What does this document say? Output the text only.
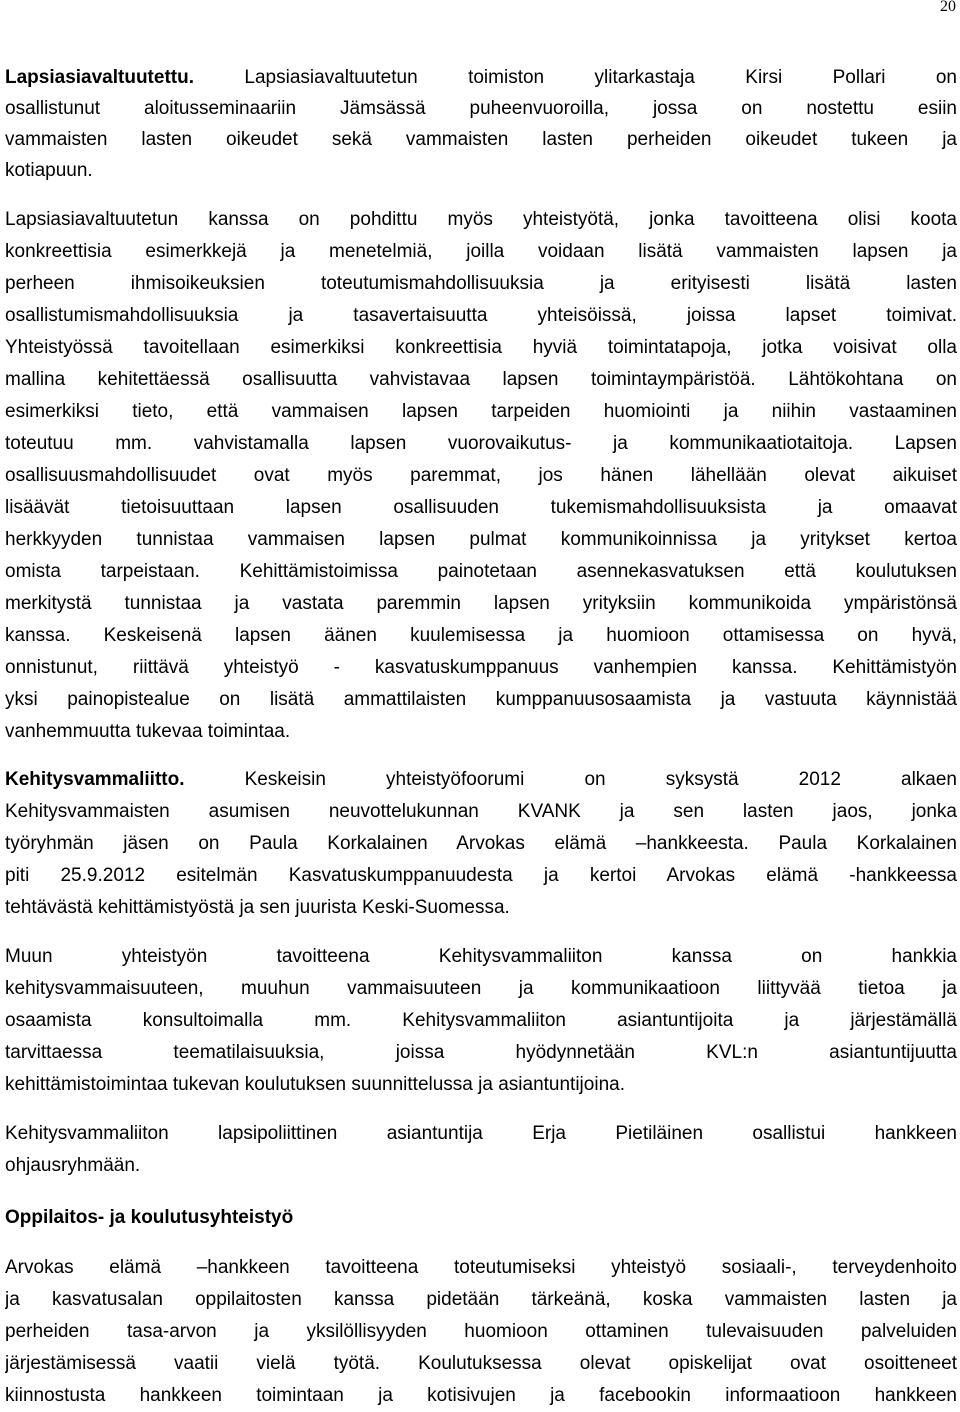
20
Lapsiasiavaltuutettu. Lapsiasiavaltuutetun toimiston ylitarkastaja Kirsi Pollari on
osallistunut aloitusseminaariin Jämsässä puheenvuoroilla, jossa on nostettu esiin
vammaisten lasten oikeudet sekä vammaisten lasten perheiden oikeudet tukeen ja
kotiapuun.
Lapsiasiavaltuutetun kanssa on pohdittu myös yhteistyötä, jonka tavoitteena olisi koota
konkreettisia esimerkkejä ja menetelmiä, joilla voidaan lisätä vammaisten lapsen ja
perheen ihmisoikeuksien toteutumismahdollisuuksia ja erityisesti lisätä lasten
osallistumismahdollisuuksia ja tasavertaisuutta yhteisöissä, joissa lapset toimivat.
Yhteistyössä tavoitellaan esimerkiksi konkreettisia hyviä toimintatapoja, jotka voisivat olla
mallina kehitettäessä osallisuutta vahvistavaa lapsen toimintaympäristöä. Lähtökohtana on
esimerkiksi tieto, että vammaisen lapsen tarpeiden huomiointi ja niihin vastaaminen
toteutuu mm. vahvistamalla lapsen vuorovaikutus- ja kommunikaatiotaitoja. Lapsen
osallisuusmahdollisuudet ovat myös paremmat, jos hänen lähellään olevat aikuiset
lisäävät tietoisuuttaan lapsen osallisuuden tukemismahdollisuuksista ja omaavat
herkkyyden tunnistaa vammaisen lapsen pulmat kommunikoinnissa ja yritykset kertoa
omista tarpeistaan. Kehittämistoimissa painotetaan asennekasvatuksen että koulutuksen
merkitystä tunnistaa ja vastata paremmin lapsen yrityksiin kommunikoida ympäristönsä
kanssa. Keskeisenä lapsen äänen kuulemisessa ja huomioon ottamisessa on hyvä,
onnistunut, riittävä yhteistyö - kasvatuskumppanuus vanhempien kanssa. Kehittämistyön
yksi painopistealue on lisätä ammattilaisten kumppanuusosaamista ja vastuuta käynnistää
vanhemmuutta tukevaa toimintaa.
Kehitysvammaliitto. Keskeisin yhteistyöfoorumi on syksystä 2012 alkaen
Kehitysvammaisten asumisen neuvottelukunnan KVANK ja sen lasten jaos, jonka
työryhmän jäsen on Paula Korkalainen Arvokas elämä –hankkeesta. Paula Korkalainen
piti 25.9.2012 esitelmän Kasvatuskumppanuudesta ja kertoi Arvokas elämä -hankkeessa
tehtävästä kehittämistyöstä ja sen juurista Keski-Suomessa.
Muun yhteistyön tavoitteena Kehitysvammaliiton kanssa on hankkia
kehitysvammaisuuteen, muuhun vammaisuuteen ja kommunikaatioon liittyvää tietoa ja
osaamista konsultoimalla mm. Kehitysvammaliiton asiantuntijoita ja järjestämällä
tarvittaessa teematilaisuuksia, joissa hyödynnetään KVL:n asiantuntijuutta
kehittämistoimintaa tukevan koulutuksen suunnittelussa ja asiantuntijoina.
Kehitysvammaliiton lapsipoliittinen asiantuntija Erja Pietiläinen osallistui hankkeen
ohjausryhmään.
Oppilaitos- ja koulutusyhteistyö
Arvokas elämä –hankkeen tavoitteena toteutumiseksi yhteistyö sosiaali-, terveydenhoito
ja kasvatusalan oppilaitosten kanssa pidetään tärkeänä, koska vammaisten lasten ja
perheiden tasa-arvon ja yksilöllisyyden huomioon ottaminen tulevaisuuden palveluiden
järjestämisessä vaatii vielä työtä. Koulutuksessa olevat opiskelijat ovat osoitteneet
kiinnostusta hankkeen toimintaan ja kotisivujen ja facebookin informaatioon hankkeen
